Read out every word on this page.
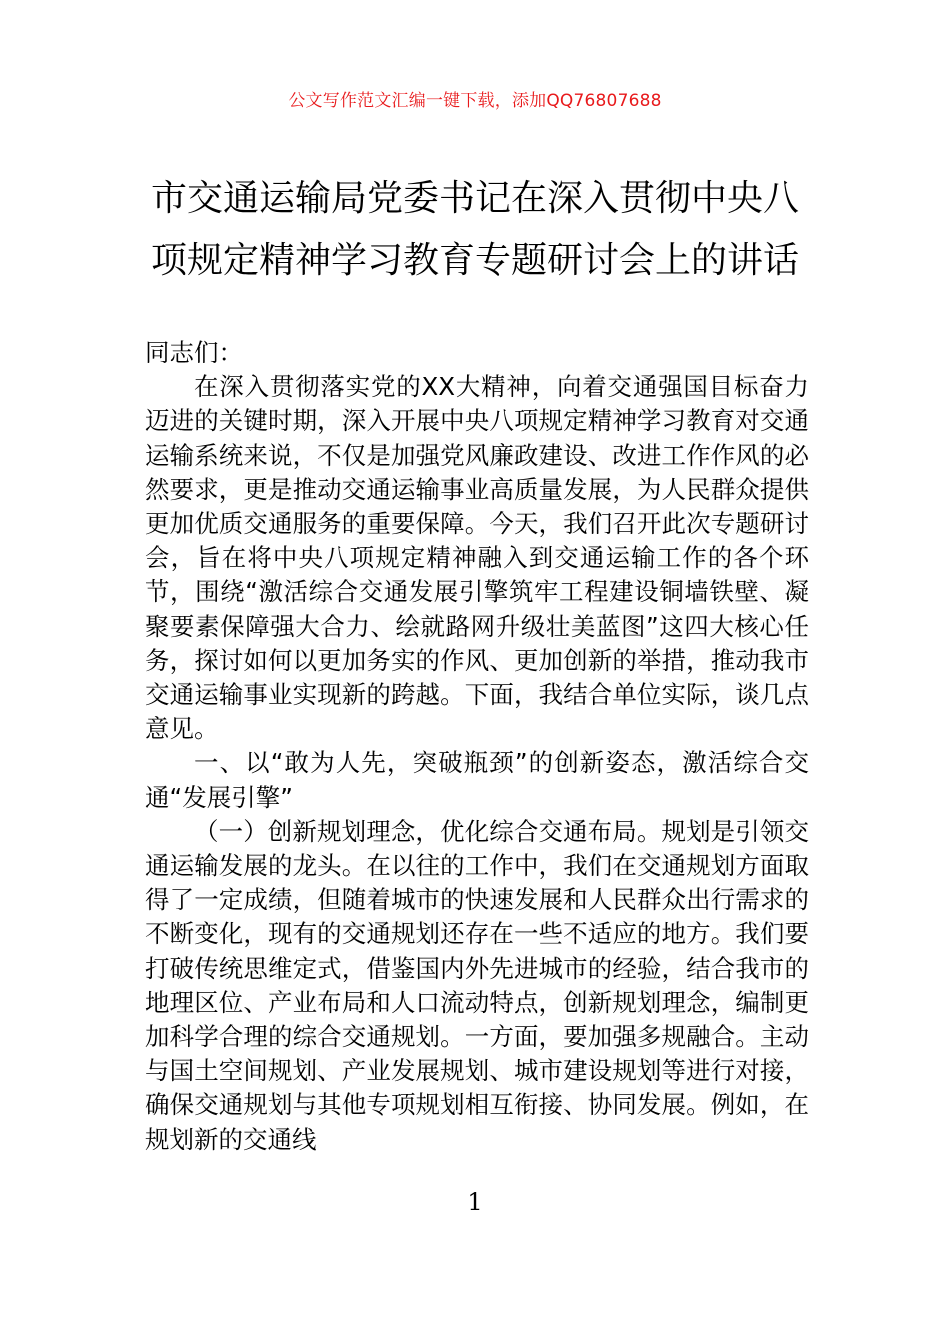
公文写作范文汇编一键下载，添加QQ76807688
市交通运输局党委书记在深入贯彻中央八
项规定精神学习教育专题研讨会上的讲话

同志们：

在深入贯彻落实党的XX大精神，向着交通强国目标奋力迈进的关键时期，深入开展中央八项规定精神学习教育对交通运输系统来说，不仅是加强党风廉政建设、改进工作作风的必然要求，更是推动交通运输事业高质量发展，为人民群众提供更加优质交通服务的重要保障。今天，我们召开此次专题研讨会，旨在将中央八项规定精神融入到交通运输工作的各个环节，围绕“激活综合交通发展引擎筑牢工程建设铜墙铁壁、凝聚要素保障强大合力、绘就路网升级壮美蓝图”这四大核心任务，探讨如何以更加务实的作风、更加创新的举措，推动我市交通运输事业实现新的跨越。下面，我结合单位实际，谈几点意见。

一、以“敢为人先，突破瓶颈”的创新姿态，激活综合交通“发展引擎”

（一）创新规划理念，优化综合交通布局。规划是引领交通运输发展的龙头。在以往的工作中，我们在交通规划方面取得了一定成绩，但随着城市的快速发展和人民群众出行需求的不断变化，现有的交通规划还存在一些不适应的地方。我们要打破传统思维定式，借鉴国内外先进城市的经验，结合我市的地理区位、产业布局和人口流动特点，创新规划理念，编制更加科学合理的综合交通规划。一方面，要加强多规融合。主动与国土空间规划、产业发展规划、城市建设规划等进行对接，确保交通规划与其他专项规划相互衔接、协同发展。例如，在规划新的交通线

1
